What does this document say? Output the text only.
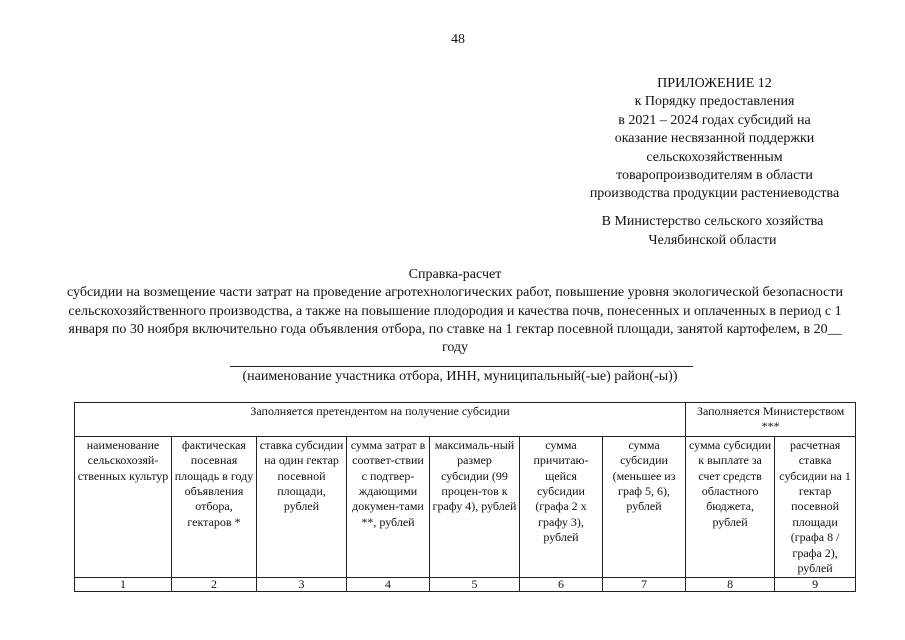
48
ПРИЛОЖЕНИЕ 12
к Порядку предоставления
в 2021 – 2024 годах субсидий на
оказание несвязанной поддержки
сельскохозяйственным
товаропроизводителям в области
производства продукции растениеводства
В Министерство сельского хозяйства
Челябинской области
Справка-расчет
субсидии на возмещение части затрат на проведение агротехнологических работ, повышение уровня экологической безопасности сельскохозяйственного производства, а также на повышение плодородия и качества почв, понесенных и оплаченных в период с 1 января по 30 ноября включительно года объявления отбора, по ставке на 1 гектар посевной площади, занятой картофелем, в 20__ году
(наименование участника отбора, ИНН, муниципальный(-ые) район(-ы))
Заполняется претендентом на получение субсидии							Заполняется Министерством ***	
наименование сельскохозяй-ственных культур	фактическая посевная площадь в году объявления отбора, гектаров *	ставка субсидии на один гектар посевной площади, рублей	сумма затрат в соответ-ствии с подтвер-ждающими докумен-тами **, рублей	максималь-ный размер субсидии (99 процен-тов к графу 4), рублей	сумма причитаю-щейся субсидии (графа 2 х графу 3), рублей	сумма субсидии (меньшее из граф 5, 6), рублей	сумма субсидии к выплате за счет средств областного бюджета, рублей	расчетная ставка субсидии на 1 гектар посевной площади (графа 8 / графа 2), рублей
1	2	3	4	5	6	7	8	9
